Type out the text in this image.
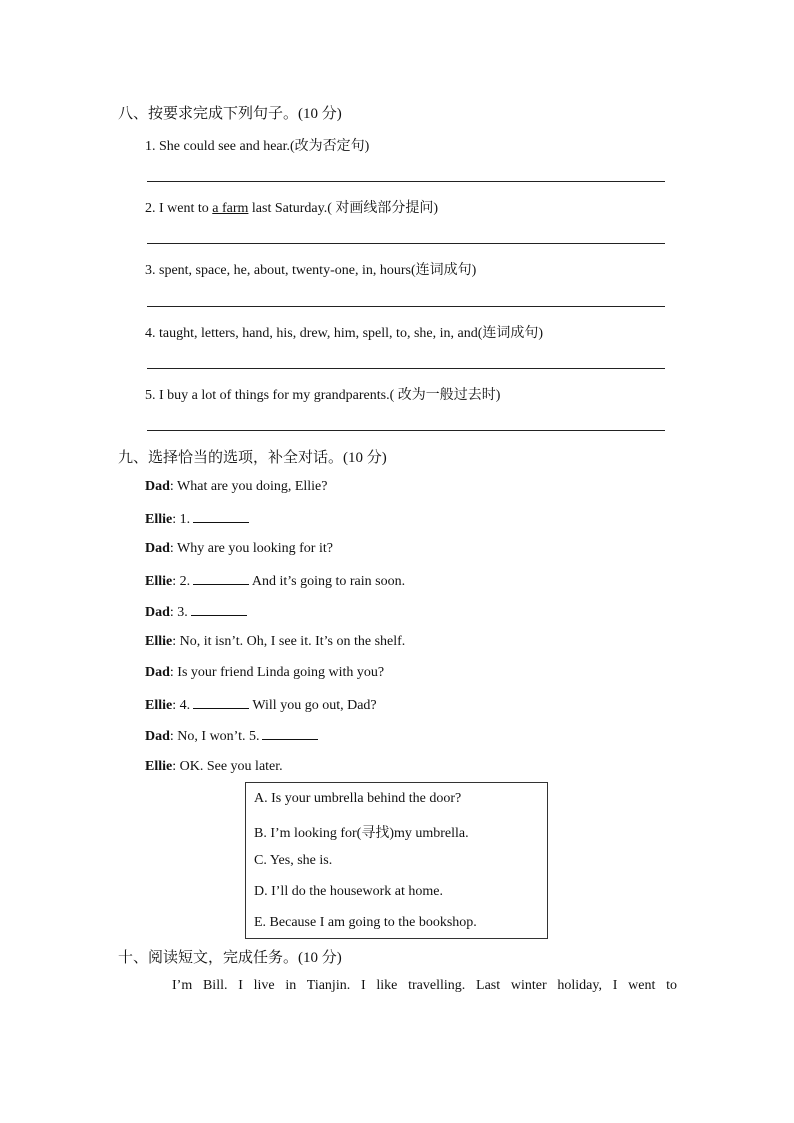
八、按要求完成下列句子。(10 分)
1. She could see and hear.(改为否定句)
2. I went to a farm last Saturday.( 对画线部分提问)
3. spent, space, he, about, twenty-one, in, hours(连词成句)
4. taught, letters, hand, his, drew, him, spell, to, she, in, and(连词成句)
5. I buy a lot of things for my grandparents.( 改为一般过去时)
九、选择恰当的选项，补全对话。(10 分)
Dad: What are you doing, Ellie?
Ellie: 1.
Dad: Why are you looking for it?
Ellie: 2.	And it’s going to rain soon.
Dad: 3.
Ellie: No, it isn’t. Oh, I see it. It’s on the shelf.
Dad: Is your friend Linda going with you?
Ellie: 4.	Will you go out, Dad?
Dad: No, I won’t. 5.
Ellie: OK. See you later.
A. Is your umbrella behind the door?
B. I’m looking for(寻找)my umbrella.
C. Yes, she is.
D. I’ll do the housework at home.
E. Because I am going to the bookshop.
十、阅读短文，完成任务。(10 分)
I’m Bill. I live in Tianjin. I like travelling. Last winter holiday, I went to
